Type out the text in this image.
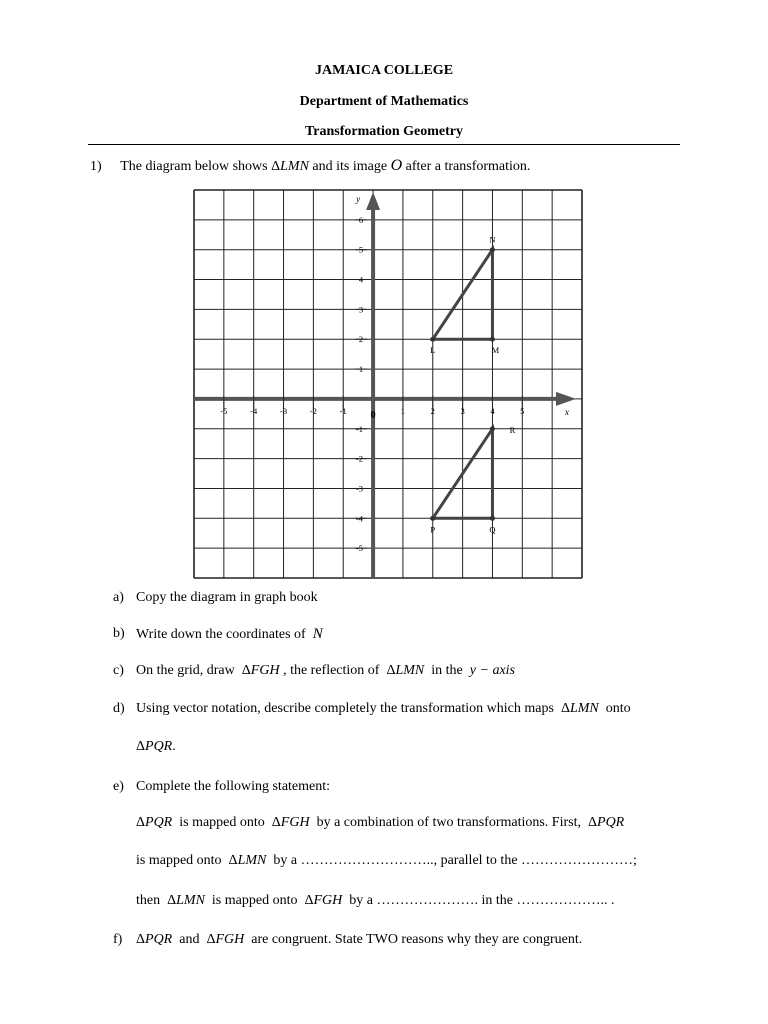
JAMAICA COLLEGE
Department of Mathematics
Transformation Geometry
1) The diagram below shows ΔLMN and its image O after a transformation.
y
x
-5	-4	-3	-2	-1 0	1	2	3	4	5
6
5
4
3
2
1
-1
-2
-3
-4
-5
L	M
N
P	Q
R
a) Copy the diagram in graph book
b) Write down the coordinates of N
c) On the grid, draw ΔFGH , the reflection of ΔLMN in the y − axis
d) Using vector notation, describe completely the transformation which maps ΔLMN onto
ΔPQR.
e) Complete the following statement:
ΔPQR is mapped onto ΔFGH by a combination of two transformations. First, ΔPQR
is mapped onto ΔLMN by a ……………………….., parallel to the ……………………;
then ΔLMN is mapped onto ΔFGH by a …………………. in the ……………….. .
f) ΔPQR and ΔFGH are congruent. State TWO reasons why they are congruent.
